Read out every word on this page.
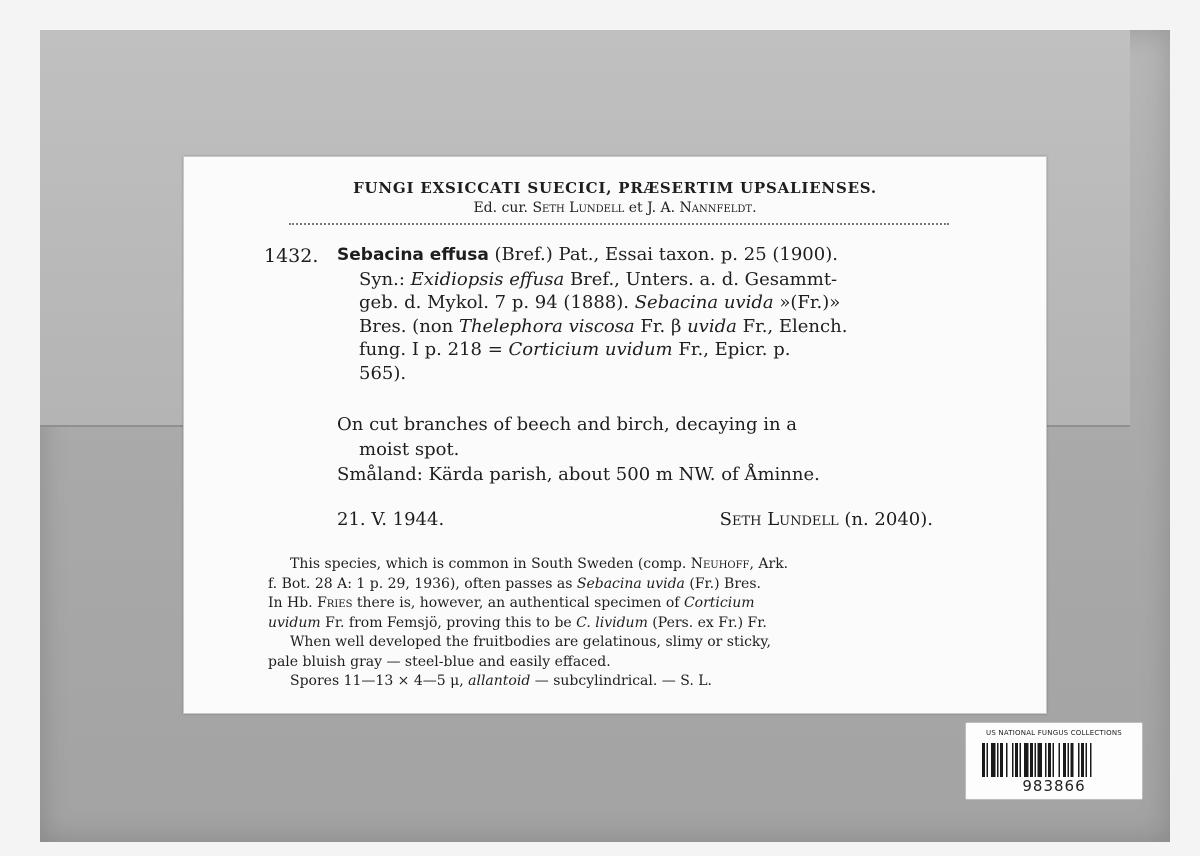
FUNGI EXSICCATI SUECICI, PRÆSERTIM UPSALIENSES.
Ed. cur. Seth Lundell et J. A. Nannfeldt.
1432. Sebacina effusa (Bref.) Pat., Essai taxon. p. 25 (1900).
Syn.: Exidiopsis effusa Bref., Unters. a. d. Gesammt-
geb. d. Mykol. 7 p. 94 (1888). Sebacina uvida »(Fr.)»
Bres. (non Thelephora viscosa Fr. β uvida Fr., Elench.
fung. I p. 218 = Corticium uvidum Fr., Epicr. p.
565).
On cut branches of beech and birch, decaying in a
moist spot.
Småland: Kärda parish, about 500 m NW. of Åminne.
21. V. 1944.	Seth Lundell (n. 2040).
This species, which is common in South Sweden (comp. Neuhoff, Ark.
f. Bot. 28 A: 1 p. 29, 1936), often passes as Sebacina uvida (Fr.) Bres.
In Hb. Fries there is, however, an authentical specimen of Corticium
uvidum Fr. from Femsjö, proving this to be C. lividum (Pers. ex Fr.) Fr.
When well developed the fruitbodies are gelatinous, slimy or sticky,
pale bluish gray — steel-blue and easily effaced.
Spores 11—13 × 4—5 μ, allantoid — subcylindrical. — S. L.
US NATIONAL FUNGUS COLLECTIONS
983866
